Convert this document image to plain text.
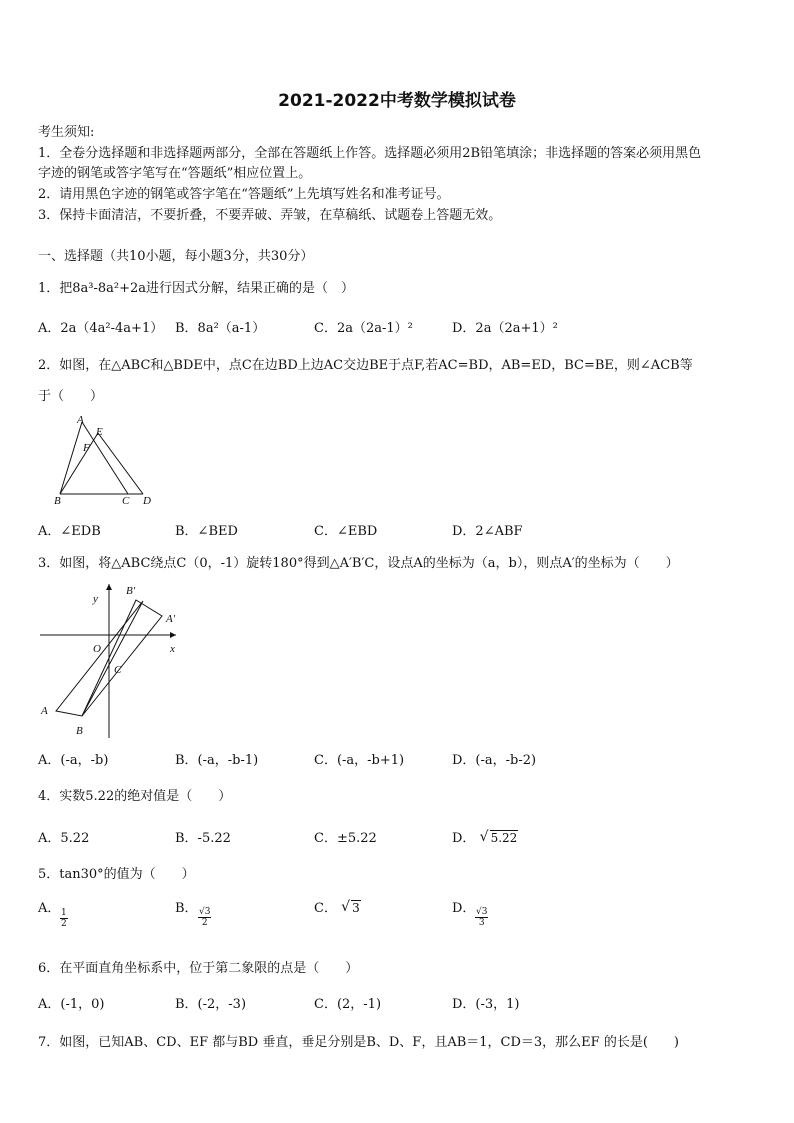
2021-2022中考数学模拟试卷
考生须知:
1．全卷分选择题和非选择题两部分，全部在答题纸上作答。选择题必须用2B铅笔填涂；非选择题的答案必须用黑色
字迹的钢笔或答字笔写在“答题纸”相应位置上。
2．请用黑色字迹的钢笔或答字笔在“答题纸”上先填写姓名和准考证号。
3．保持卡面清洁，不要折叠，不要弄破、弄皱，在草稿纸、试题卷上答题无效。
一、选择题（共10小题，每小题3分，共30分）
1．把8a³-8a²+2a进行因式分解，结果正确的是（　）
A．2a（4a²-4a+1） B．8a²（a-1）	C．2a（2a-1）²	D．2a（2a+1）²
2．如图，在△ABC和△BDE中，点C在边BD上边AC交边BE于点F,若AC=BD，AB=ED，BC=BE，则∠ACB等
于（　　）
A
E
F
B	C D
A．∠EDB	B．∠BED	C．∠EBD	D．2∠ABF
3．如图，将△ABC绕点C（0，-1）旋转180°得到△A′B′C，设点A的坐标为（a，b），则点A′的坐标为（　　）
y
x
O
C
A
B
B'
A'
A．(-a，-b)	B．(-a，-b-1)	C．(-a，-b+1)	D．(-a，-b-2)
4．实数5.22的绝对值是（　　）
A．5.22	B．-5.22	C．±5.22	D． √ 5.22
5．tan30°的值为（　　）
A． $\frac{1}{2}$	B． $\frac{√3}{2}$	C． √ 3	D． $\frac{√3}{3}$
6．在平面直角坐标系中，位于第二象限的点是（　　）
A．(-1，0)	B．(-2，-3)	C．(2，-1)	D．(-3，1)
7．如图，已知AB、CD、EF 都与BD 垂直，垂足分别是B、D、F，且AB＝1，CD＝3，那么EF 的长是(　　)
